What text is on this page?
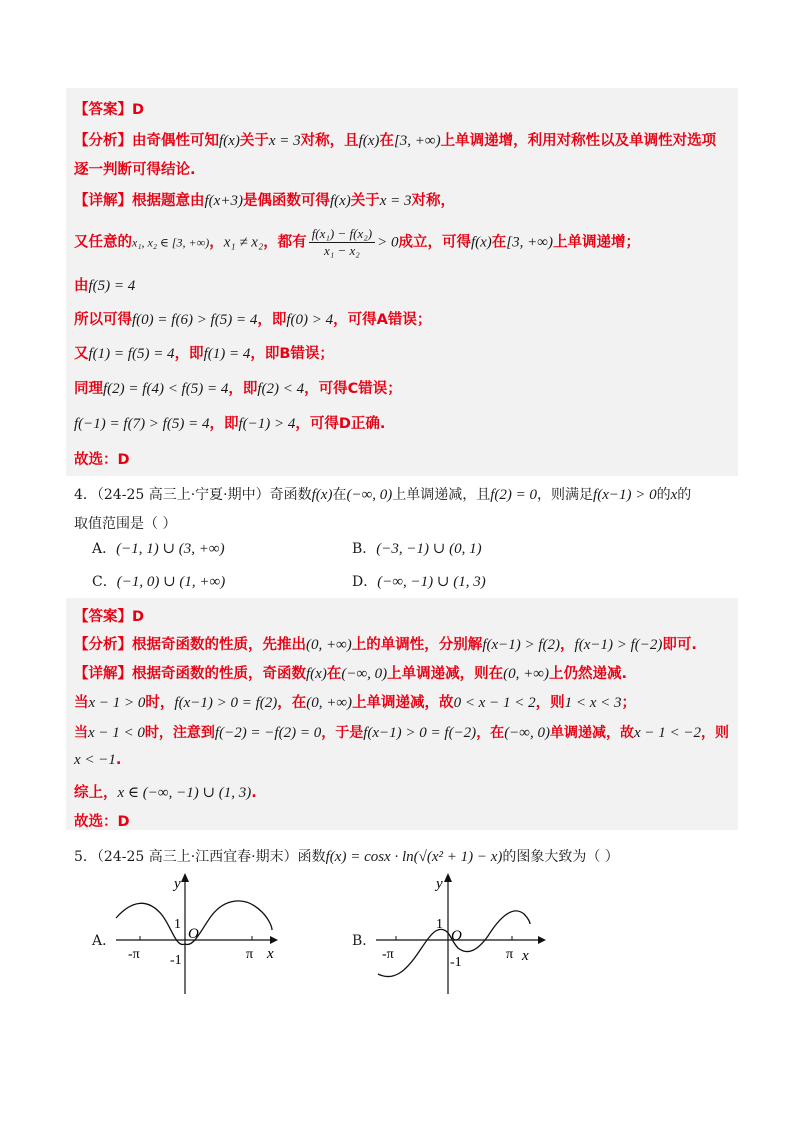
【答案】D
【分析】由奇偶性可知f(x)关于x = 3对称，且f(x)在[3, +∞)上单调递增，利用对称性以及单调性对选项
逐一判断可得结论.
【详解】根据题意由f(x+3)是偶函数可得f(x)关于x = 3对称，
又任意的x₁, x₂ ∈ [3, +∞)，x₁ ≠ x₂，都有 $\frac{\text{f(x₁) − f(x₂)}}{\text{x₁ − x₂}} > 0$成立，可得f(x)在[3, +∞)上单调递增；
由f(5) = 4
所以可得f(0) = f(6) > f(5) = 4，即f(0) > 4，可得A错误；
又f(1) = f(5) = 4，即f(1) = 4，即B错误；
同理f(2) = f(4) < f(5) = 4，即f(2) < 4，可得C错误；
f(−1) = f(7) > f(5) = 4，即f(−1) > 4，可得D正确.
故选：D
4．（24-25 高三上·宁夏·期中）奇函数f(x)在(−∞, 0)上单调递减，且f(2) = 0，则满足f(x−1) > 0的x的
取值范围是（ ）
A．(−1, 1) ∪ (3, +∞)	B．(−3, −1) ∪ (0, 1)
C．(−1, 0) ∪ (1, +∞)	D．(−∞, −1) ∪ (1, 3)
【答案】D
【分析】根据奇函数的性质，先推出(0, +∞)上的单调性，分别解f(x−1) > f(2)，f(x−1) > f(−2)即可.
【详解】根据奇函数的性质，奇函数f(x)在(−∞, 0)上单调递减，则在(0, +∞)上仍然递减.
当x − 1 > 0时，f(x−1) > 0 = f(2)，在(0, +∞)上单调递减，故0 < x − 1 < 2，则1 < x < 3；
当x − 1 < 0时，注意到f(−2) = −f(2) = 0，于是f(x−1) > 0 = f(−2)，在(−∞, 0)单调递减，故x − 1 < −2，则
x < −1.
综上，x ∈ (−∞, −1) ∪ (1, 3).
故选：D
5．（24-25 高三上·江西宜春·期末）函数f(x) = cosx · ln(√(x² + 1) − x)的图象大致为（ ）
A．
y
x
O
1
-1
-π	π
B．
y
x
O
1
-1
-π	π
